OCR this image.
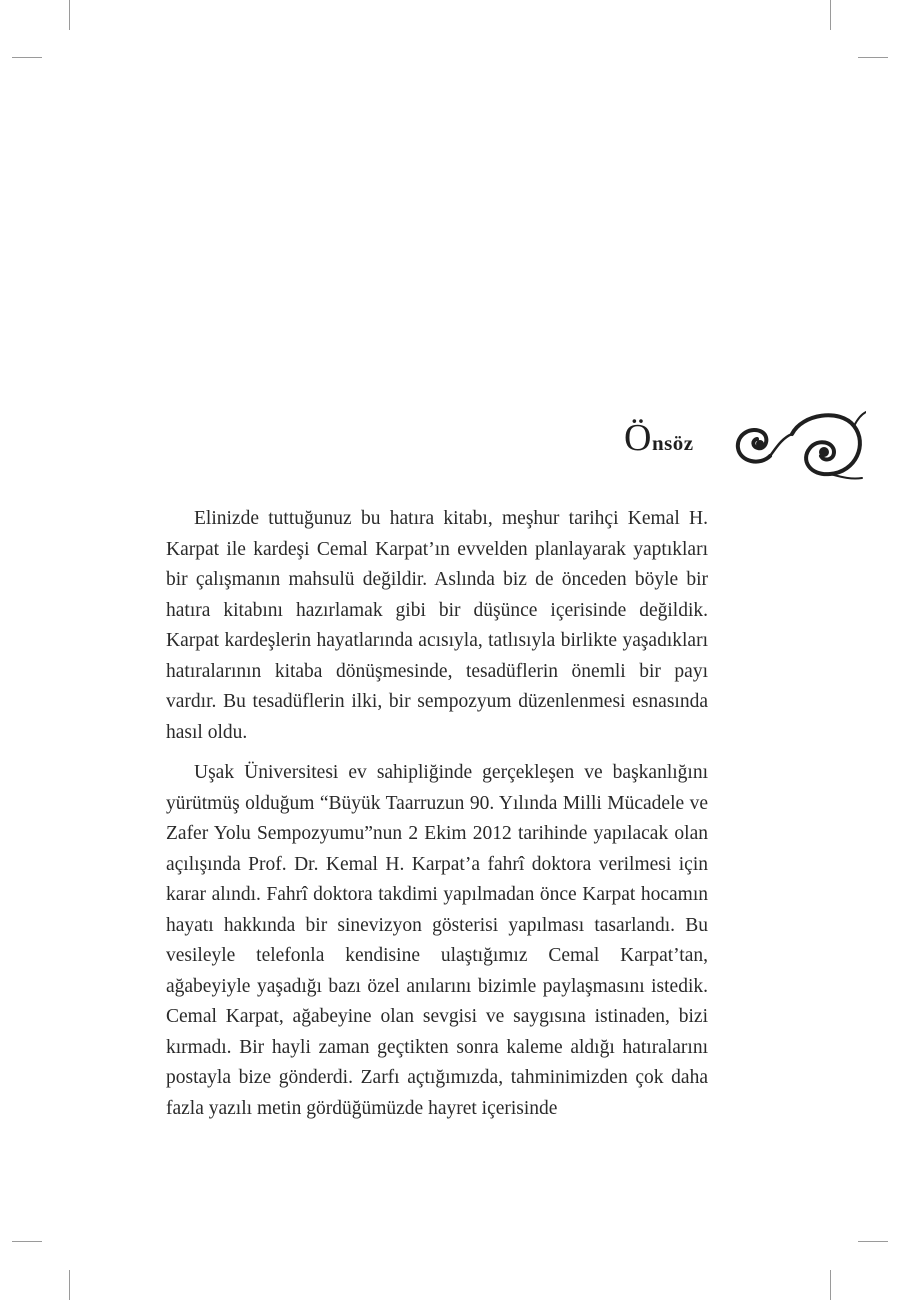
Önsöz

Elinizde tuttuğunuz bu hatıra kitabı, meşhur tarihçi Kemal H. Karpat ile kardeşi Cemal Karpat’ın evvelden planlayarak yaptıkları bir çalışmanın mahsulü değildir. Aslında biz de önceden böyle bir hatıra kitabını hazırlamak gibi bir düşünce içerisinde değildik. Karpat kardeşlerin hayatlarında acısıyla, tatlısıyla birlikte yaşadıkları hatıralarının kitaba dönüşmesinde, tesadüflerin önemli bir payı vardır. Bu tesadüflerin ilki, bir sempozyum düzenlenmesi esnasında hasıl oldu.

Uşak Üniversitesi ev sahipliğinde gerçekleşen ve başkanlığını yürütmüş olduğum “Büyük Taarruzun 90. Yılında Milli Mücadele ve Zafer Yolu Sempozyumu”nun 2 Ekim 2012 tarihinde yapılacak olan açılışında Prof. Dr. Kemal H. Karpat’a fahrî doktora verilmesi için karar alındı. Fahrî doktora takdimi yapılmadan önce Karpat hocamın hayatı hakkında bir sinevizyon gösterisi yapılması tasarlandı. Bu vesileyle telefonla kendisine ulaştığımız Cemal Karpat’tan, ağabeyiyle yaşadığı bazı özel anılarını bizimle paylaşmasını istedik. Cemal Karpat, ağabeyine olan sevgisi ve saygısına istinaden, bizi kırmadı. Bir hayli zaman geçtikten sonra kaleme aldığı hatıralarını postayla bize gönderdi. Zarfı açtığımızda, tahminimizden çok daha fazla yazılı metin gördüğümüzde hayret içerisinde
